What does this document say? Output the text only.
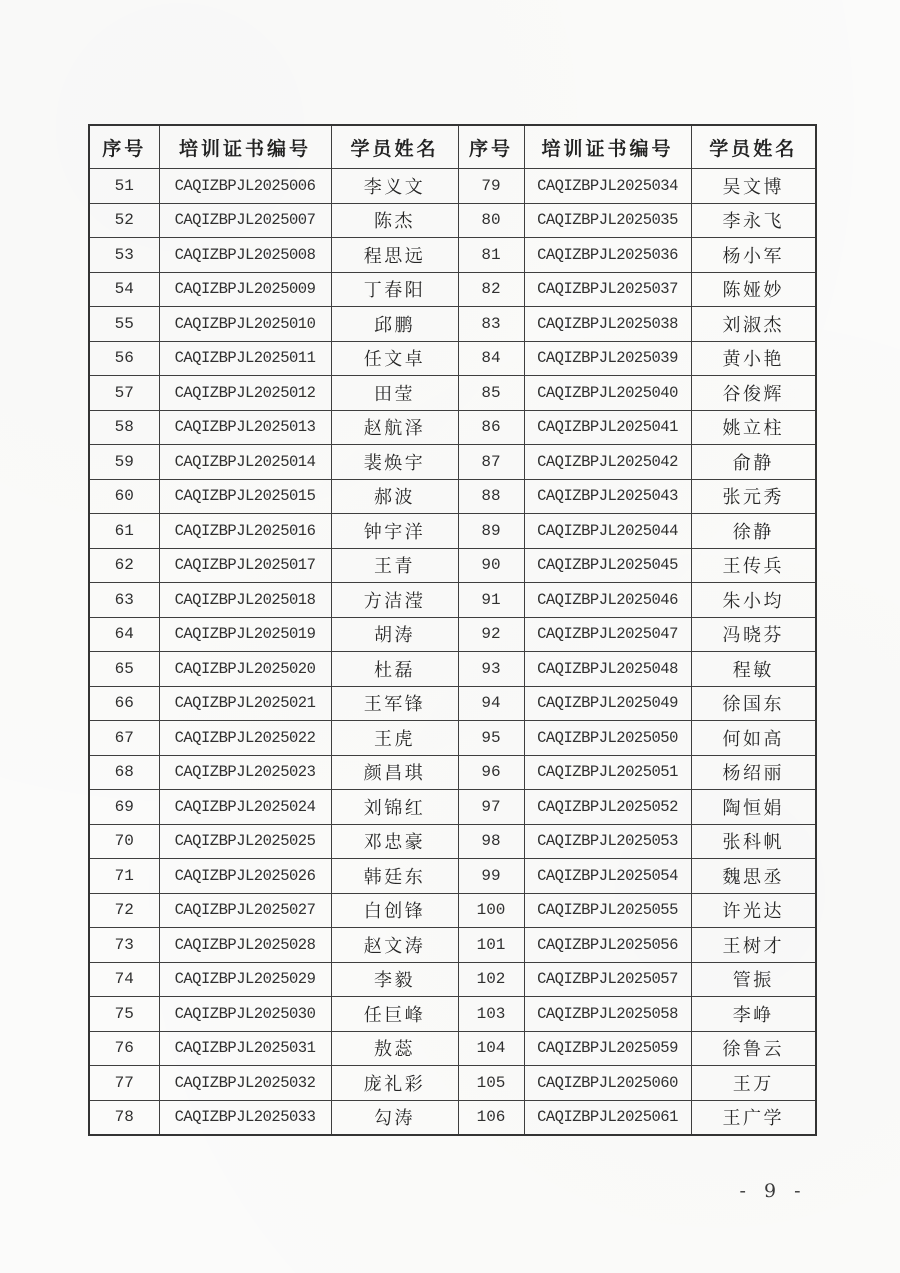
序号	培训证书编号	学员姓名	序号	培训证书编号	学员姓名
51	CAQIZBPJL2025006	李义文	79	CAQIZBPJL2025034	吴文博
52	CAQIZBPJL2025007	陈杰	80	CAQIZBPJL2025035	李永飞
53	CAQIZBPJL2025008	程思远	81	CAQIZBPJL2025036	杨小军
54	CAQIZBPJL2025009	丁春阳	82	CAQIZBPJL2025037	陈娅妙
55	CAQIZBPJL2025010	邱鹏	83	CAQIZBPJL2025038	刘淑杰
56	CAQIZBPJL2025011	任文卓	84	CAQIZBPJL2025039	黄小艳
57	CAQIZBPJL2025012	田莹	85	CAQIZBPJL2025040	谷俊辉
58	CAQIZBPJL2025013	赵航泽	86	CAQIZBPJL2025041	姚立柱
59	CAQIZBPJL2025014	裴焕宇	87	CAQIZBPJL2025042	俞静
60	CAQIZBPJL2025015	郝波	88	CAQIZBPJL2025043	张元秀
61	CAQIZBPJL2025016	钟宇洋	89	CAQIZBPJL2025044	徐静
62	CAQIZBPJL2025017	王青	90	CAQIZBPJL2025045	王传兵
63	CAQIZBPJL2025018	方洁滢	91	CAQIZBPJL2025046	朱小均
64	CAQIZBPJL2025019	胡涛	92	CAQIZBPJL2025047	冯晓芬
65	CAQIZBPJL2025020	杜磊	93	CAQIZBPJL2025048	程敏
66	CAQIZBPJL2025021	王军锋	94	CAQIZBPJL2025049	徐国东
67	CAQIZBPJL2025022	王虎	95	CAQIZBPJL2025050	何如高
68	CAQIZBPJL2025023	颜昌琪	96	CAQIZBPJL2025051	杨绍丽
69	CAQIZBPJL2025024	刘锦红	97	CAQIZBPJL2025052	陶恒娟
70	CAQIZBPJL2025025	邓忠豪	98	CAQIZBPJL2025053	张科帆
71	CAQIZBPJL2025026	韩廷东	99	CAQIZBPJL2025054	魏思丞
72	CAQIZBPJL2025027	白创锋	100	CAQIZBPJL2025055	许光达
73	CAQIZBPJL2025028	赵文涛	101	CAQIZBPJL2025056	王树才
74	CAQIZBPJL2025029	李毅	102	CAQIZBPJL2025057	管振
75	CAQIZBPJL2025030	任巨峰	103	CAQIZBPJL2025058	李峥
76	CAQIZBPJL2025031	敖蕊	104	CAQIZBPJL2025059	徐鲁云
77	CAQIZBPJL2025032	庞礼彩	105	CAQIZBPJL2025060	王万
78	CAQIZBPJL2025033	勾涛	106	CAQIZBPJL2025061	王广学
- 9 -
